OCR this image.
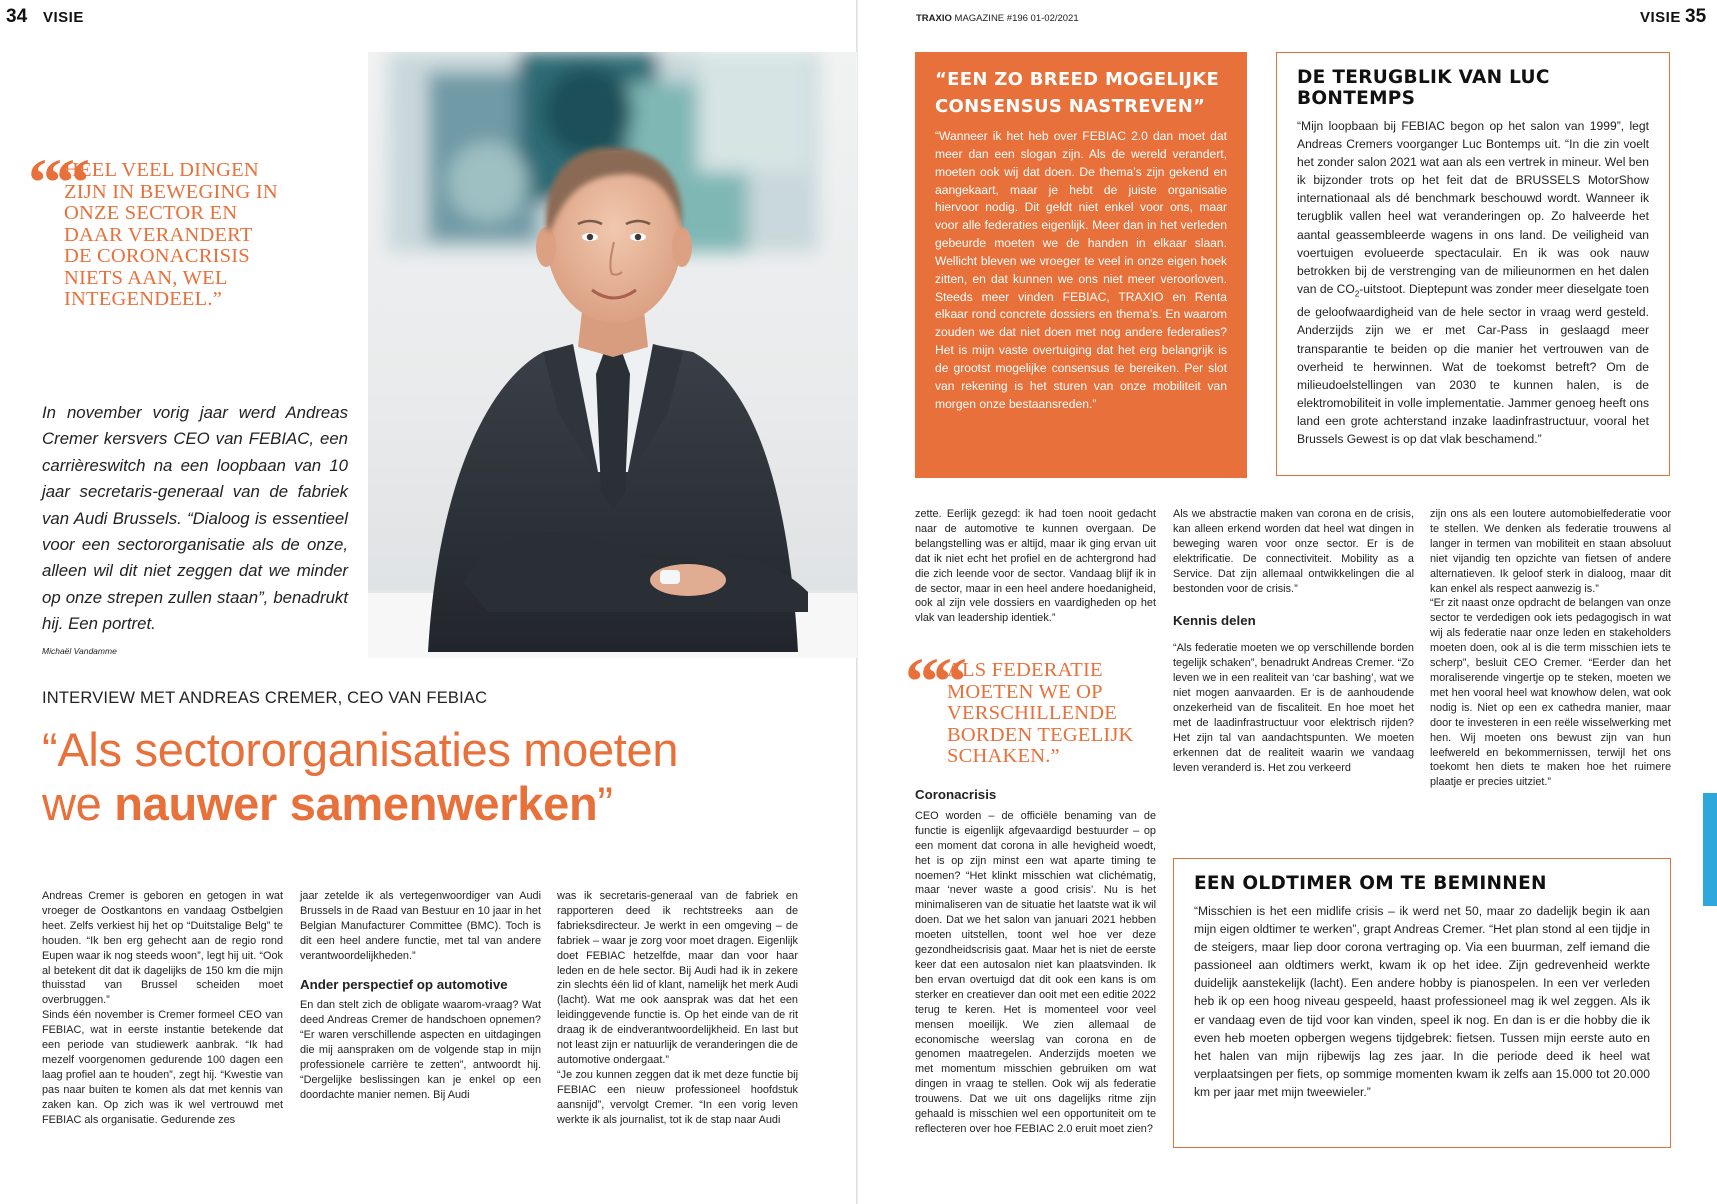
34 VISIE	TRAXIO MAGAZINE #196 01-02/2021	VISIE 35
““
HEEL VEEL DINGEN ZIJN IN BEWEGING IN ONZE SECTOR EN DAAR VERANDERT DE CORONACRISIS NIETS AAN, WEL INTEGENDEEL.”
In november vorig jaar werd Andreas Cremer kersvers CEO van FEBIAC, een carrièreswitch na een loopbaan van 10 jaar secretaris-generaal van de fabriek van Audi Brussels. “Dialoog is essentieel voor een sectororganisatie als de onze, alleen wil dit niet zeggen dat we minder op onze strepen zullen staan”, benadrukt hij. Een portret.
Michaël Vandamme
INTERVIEW MET ANDREAS CREMER, CEO VAN FEBIAC
“Als sectororganisaties moeten
we nauwer samenwerken”

Andreas Cremer is geboren en getogen in wat vroeger de Oostkantons en vandaag Ostbelgien heet. Zelfs verkiest hij het op “Duitstalige Belg” te houden. “Ik ben erg gehecht aan de regio rond Eupen waar ik nog steeds woon”, legt hij uit. “Ook al betekent dit dat ik dagelijks de 150 km die mijn thuisstad van Brussel scheiden moet overbruggen.”

Sinds één november is Cremer formeel CEO van FEBIAC, wat in eerste instantie betekende dat een periode van studiewerk aanbrak. “Ik had mezelf voorgenomen gedurende 100 dagen een laag profiel aan te houden”, zegt hij. “Kwestie van pas naar buiten te komen als dat met kennis van zaken kan. Op zich was ik wel vertrouwd met FEBIAC als organisatie. Gedurende zes

jaar zetelde ik als vertegenwoordiger van Audi Brussels in de Raad van Bestuur en 10 jaar in het Belgian Manufacturer Committee (BMC). Toch is dit een heel andere functie, met tal van andere verantwoordelijkheden.”

Ander perspectief op automotive

En dan stelt zich de obligate waarom-vraag? Wat deed Andreas Cremer de handschoen opnemen? “Er waren verschillende aspecten en uitdagingen die mij aanspraken om de volgende stap in mijn professionele carrière te zetten”, antwoordt hij. “Dergelijke beslissingen kan je enkel op een doordachte manier nemen. Bij Audi

was ik secretaris-generaal van de fabriek en rapporteren deed ik rechtstreeks aan de fabrieksdirecteur. Je werkt in een omgeving – de fabriek – waar je zorg voor moet dragen. Eigenlijk doet FEBIAC hetzelfde, maar dan voor haar leden en de hele sector. Bij Audi had ik in zekere zin slechts één lid of klant, namelijk het merk Audi (lacht). Wat me ook aansprak was dat het een leidinggevende functie is. Op het einde van de rit draag ik de eindverantwoordelijkheid. En last but not least zijn er natuurlijk de veranderingen die de automotive ondergaat.”

“Je zou kunnen zeggen dat ik met deze functie bij FEBIAC een nieuw professioneel hoofdstuk aansnijd”, vervolgt Cremer. “In een vorig leven werkte ik als journalist, tot ik de stap naar Audi

“EEN ZO BREED MOGELIJKE CONSENSUS NASTREVEN”
“Wanneer ik het heb over FEBIAC 2.0 dan moet dat meer dan een slogan zijn. Als de wereld verandert, moeten ook wij dat doen. De thema’s zijn gekend en aangekaart, maar je hebt de juiste organisatie hiervoor nodig. Dit geldt niet enkel voor ons, maar voor alle federaties eigenlijk. Meer dan in het verleden gebeurde moeten we de handen in elkaar slaan. Wellicht bleven we vroeger te veel in onze eigen hoek zitten, en dat kunnen we ons niet meer veroorloven. Steeds meer vinden FEBIAC, TRAXIO en Renta elkaar rond concrete dossiers en thema’s. En waarom zouden we dat niet doen met nog andere federaties? Het is mijn vaste overtuiging dat het erg belangrijk is de grootst mogelijke consensus te bereiken. Per slot van rekening is het sturen van onze mobiliteit van morgen onze bestaansreden.”
DE TERUGBLIK VAN LUC BONTEMPS
“Mijn loopbaan bij FEBIAC begon op het salon van 1999”, legt Andreas Cremers voorganger Luc Bontemps uit. “In die zin voelt het zonder salon 2021 wat aan als een vertrek in mineur. Wel ben ik bijzonder trots op het feit dat de BRUSSELS MotorShow internationaal als dé benchmark beschouwd wordt. Wanneer ik terugblik vallen heel wat veranderingen op. Zo halveerde het aantal geassembleerde wagens in ons land. De veiligheid van voertuigen evolueerde spectaculair. En ik was ook nauw betrokken bij de verstrenging van de milieunormen en het dalen van de $CO_2$-uitstoot. Dieptepunt was zonder meer dieselgate toen de geloofwaardigheid van de hele sector in vraag werd gesteld. Anderzijds zijn we er met Car-Pass in geslaagd meer transparantie te beiden op die manier het vertrouwen van de overheid te herwinnen. Wat de toekomst betreft? Om de milieudoelstellingen van 2030 te kunnen halen, is de elektromobiliteit in volle implementatie. Jammer genoeg heeft ons land een grote achterstand inzake laadinfrastructuur, vooral het Brussels Gewest is op dat vlak beschamend.”

zette. Eerlijk gezegd: ik had toen nooit gedacht naar de automotive te kunnen overgaan. De belangstelling was er altijd, maar ik ging ervan uit dat ik niet echt het profiel en de achtergrond had die zich leende voor de sector. Vandaag blijf ik in de sector, maar in een heel andere hoedanigheid, ook al zijn vele dossiers en vaardigheden op het vlak van leadership identiek.”

““
ALS FEDERATIE MOETEN WE OP VERSCHILLENDE BORDEN TEGELIJK SCHAKEN.”
Coronacrisis

CEO worden – de officiële benaming van de functie is eigenlijk afgevaardigd bestuurder – op een moment dat corona in alle hevigheid woedt, het is op zijn minst een wat aparte timing te noemen? “Het klinkt misschien wat clichématig, maar ‘never waste a good crisis’. Nu is het minimaliseren van de situatie het laatste wat ik wil doen. Dat we het salon van januari 2021 hebben moeten uitstellen, toont wel hoe ver deze gezondheidscrisis gaat. Maar het is niet de eerste keer dat een autosalon niet kan plaatsvinden. Ik ben ervan overtuigd dat dit ook een kans is om sterker en creatiever dan ooit met een editie 2022 terug te keren. Het is momenteel voor veel mensen moeilijk. We zien allemaal de economische weerslag van corona en de genomen maatregelen. Anderzijds moeten we met momentum misschien gebruiken om wat dingen in vraag te stellen. Ook wij als federatie trouwens. Dat we uit ons dagelijks ritme zijn gehaald is misschien wel een opportuniteit om te reflecteren over hoe FEBIAC 2.0 eruit moet zien?

Als we abstractie maken van corona en de crisis, kan alleen erkend worden dat heel wat dingen in beweging waren voor onze sector. Er is de elektrificatie. De connectiviteit. Mobility as a Service. Dat zijn allemaal ontwikkelingen die al bestonden voor de crisis.”

Kennis delen

“Als federatie moeten we op verschillende borden tegelijk schaken”, benadrukt Andreas Cremer. “Zo leven we in een realiteit van ‘car bashing’, wat we niet mogen aanvaarden. Er is de aanhoudende onzekerheid van de fiscaliteit. En hoe moet het met de laadinfrastructuur voor elektrisch rijden? Het zijn tal van aandachtspunten. We moeten erkennen dat de realiteit waarin we vandaag leven veranderd is. Het zou verkeerd

zijn ons als een loutere automobielfederatie voor te stellen. We denken als federatie trouwens al langer in termen van mobiliteit en staan absoluut niet vijandig ten opzichte van fietsen of andere alternatieven. Ik geloof sterk in dialoog, maar dit kan enkel als respect aanwezig is.”

“Er zit naast onze opdracht de belangen van onze sector te verdedigen ook iets pedagogisch in wat wij als federatie naar onze leden en stakeholders moeten doen, ook al is die term misschien iets te scherp”, besluit CEO Cremer. “Eerder dan het moraliserende vingertje op te steken, moeten we met hen vooral heel wat knowhow delen, wat ook nodig is. Niet op een ex cathedra manier, maar door te investeren in een reële wisselwerking met hen. Wij moeten ons bewust zijn van hun leefwereld en bekommernissen, terwijl het ons toekomt hen diets te maken hoe het ruimere plaatje er precies uitziet.”

EEN OLDTIMER OM TE BEMINNEN
“Misschien is het een midlife crisis – ik werd net 50, maar zo dadelijk begin ik aan mijn eigen oldtimer te werken”, grapt Andreas Cremer. “Het plan stond al een tijdje in de steigers, maar liep door corona vertraging op. Via een buurman, zelf iemand die passioneel aan oldtimers werkt, kwam ik op het idee. Zijn gedrevenheid werkte duidelijk aanstekelijk (lacht). Een andere hobby is pianospelen. In een ver verleden heb ik op een hoog niveau gespeeld, haast professioneel mag ik wel zeggen. Als ik er vandaag even de tijd voor kan vinden, speel ik nog. En dan is er die hobby die ik even heb moeten opbergen wegens tijdgebrek: fietsen. Tussen mijn eerste auto en het halen van mijn rijbewijs lag zes jaar. In die periode deed ik heel wat verplaatsingen per fiets, op sommige momenten kwam ik zelfs aan 15.000 tot 20.000 km per jaar met mijn tweewieler.”
